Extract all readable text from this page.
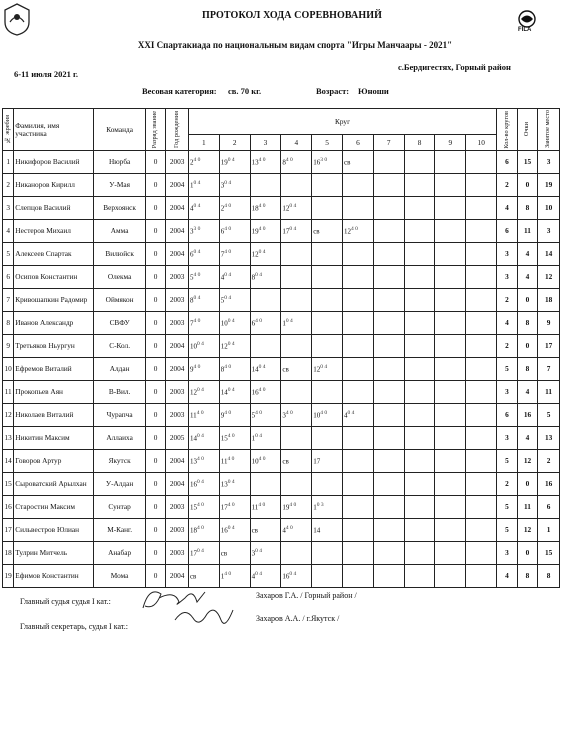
ПРОТОКОЛ ХОДА СОРЕВНОВАНИЙ
FILA
XXI Спартакиада по национальным видам спорта "Игры Манчаары - 2021"
6-11 июля 2021 г.
с.Бердигестях, Горный район
Весовая категория: св. 70 кг.	Возраст: Юноши
№ жребия	Фамилия, имя участника	Команда	Разряд звание	Год рождения	Круг										Кол-во кругов	Очки	Занятое место

					1	2	3	4	5	6	7	8	9	10			
1	Никифоров Василий	Нюрба	0	2003	$2^{4 0}$	$19^{0 4}$	$13^{4 0}$	$8^{4 0}$	$16^{3 0}$	св					6	15	3
2	Никаноров Кирилл	У-Мая	0	2004	$1^{0 4}$	$3^{0 4}$									2	0	19
3	Слепцов Василий	Верхоянск	0	2004	$4^{0 4}$	$2^{4 0}$	$18^{4 0}$	$12^{0 4}$							4	8	10
4	Нестеров Михаил	Амма	0	2004	$3^{3 0}$	$6^{4 0}$	$19^{4 0}$	$17^{0 4}$	св	$12^{4 0}$					6	11	3
5	Алексеев Спартак	Вилюйск	0	2004	$6^{0 4}$	$7^{4 0}$	$12^{0 4}$								3	4	14
6	Осипов Константин	Олекма	0	2003	$5^{4 0}$	$4^{0 4}$	$8^{0 4}$								3	4	12
7	Кривошапкин Радомир	Оймякон	0	2003	$8^{0 4}$	$5^{0 4}$									2	0	18
8	Иванов Александр	СВФУ	0	2003	$7^{4 0}$	$10^{0 4}$	$6^{4 0}$	$1^{0 4}$							4	8	9
9	Третьяков Ньургун	С-Кол.	0	2004	$10^{0 4}$	$12^{0 4}$									2	0	17
10	Ефремов Виталий	Алдан	0	2004	$9^{4 0}$	$8^{4 0}$	$14^{0 4}$	св	$12^{0 4}$						5	8	7
11	Прокопьев Аян	В-Вил.	0	2003	$12^{0 4}$	$14^{0 4}$	$16^{4 0}$								3	4	11
12	Николаев Виталий	Чурапча	0	2003	$11^{4 0}$	$9^{4 0}$	$5^{4 0}$	$3^{4 0}$	$10^{4 0}$	$4^{0 4}$					6	16	5
13	Никитин Максим	Аллаиха	0	2005	$14^{0 4}$	$15^{4 0}$	$1^{0 4}$								3	4	13
14	Говоров Артур	Якутск	0	2004	$13^{4 0}$	$11^{4 0}$	$10^{4 0}$	св	17						5	12	2
15	Сыроватский Арылхан	У-Алдан	0	2004	$16^{0 4}$	$13^{0 4}$									2	0	16
16	Старостин Максим	Сунтар	0	2003	$15^{4 0}$	$17^{4 0}$	$11^{4 0}$	$19^{4 0}$	$1^{0 3}$						5	11	6
17	Сильвестров Юлиан	М-Канг.	0	2003	$18^{4 0}$	$16^{0 4}$	св	$4^{4 0}$	14						5	12	1
18	Тулрин Митчель	Анабар	0	2003	$17^{0 4}$	св	$3^{0 4}$								3	0	15
19	Ефимов Константин	Мома	0	2004	св	$1^{4 0}$	$4^{0 4}$	$16^{0 4}$							4	8	8
Главный судья судья I кат.:
Захаров Г.А. / Горный район /
Главный секретарь, судья I кат.:
Захаров А.А. / г.Якутск /
